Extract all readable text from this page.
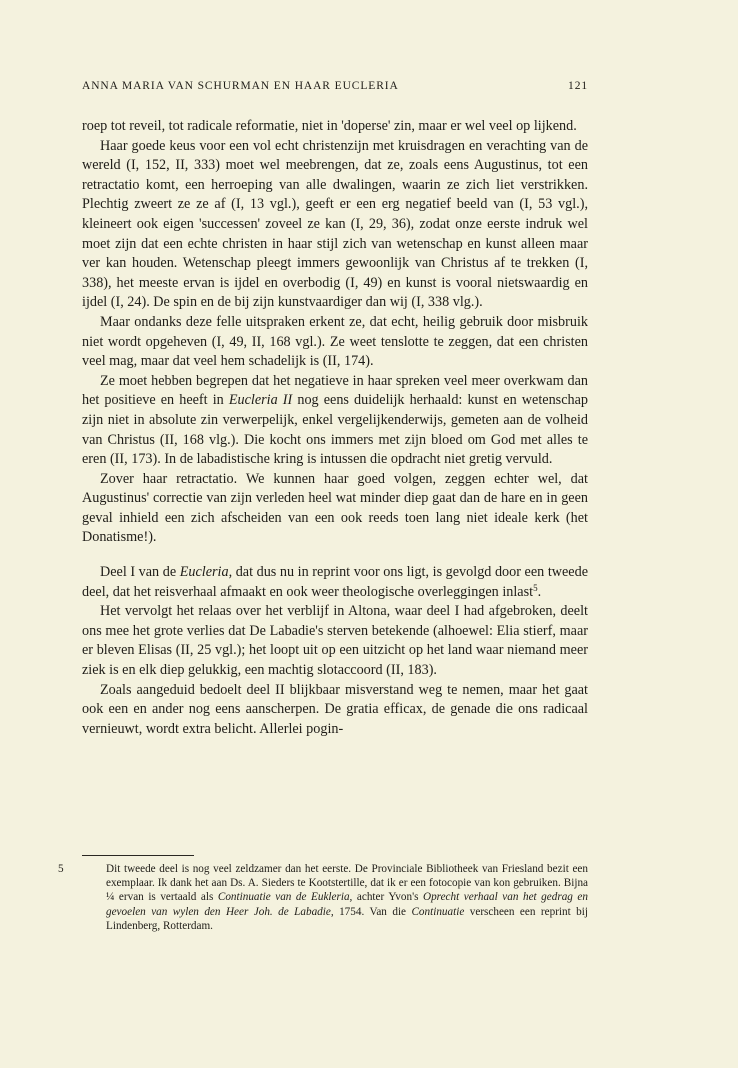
ANNA MARIA VAN SCHURMAN EN HAAR EUCLERIA	121

roep tot reveil, tot radicale reformatie, niet in 'doperse' zin, maar er wel veel op lijkend.

Haar goede keus voor een vol echt christenzijn met kruisdragen en verachting van de wereld (I, 152, II, 333) moet wel meebrengen, dat ze, zoals eens Augustinus, tot een retractatio komt, een herroeping van alle dwalingen, waarin ze zich liet verstrikken. Plechtig zweert ze ze af (I, 13 vgl.), geeft er een erg negatief beeld van (I, 53 vgl.), kleineert ook eigen 'successen' zoveel ze kan (I, 29, 36), zodat onze eerste indruk wel moet zijn dat een echte christen in haar stijl zich van wetenschap en kunst alleen maar ver kan houden. Wetenschap pleegt immers gewoonlijk van Christus af te trekken (I, 338), het meeste ervan is ijdel en overbodig (I, 49) en kunst is vooral nietswaardig en ijdel (I, 24). De spin en de bij zijn kunstvaardiger dan wij (I, 338 vlg.).

Maar ondanks deze felle uitspraken erkent ze, dat echt, heilig gebruik door misbruik niet wordt opgeheven (I, 49, II, 168 vgl.). Ze weet tenslotte te zeggen, dat een christen veel mag, maar dat veel hem schadelijk is (II, 174).

Ze moet hebben begrepen dat het negatieve in haar spreken veel meer overkwam dan het positieve en heeft in Eucleria II nog eens duidelijk herhaald: kunst en wetenschap zijn niet in absolute zin verwerpelijk, enkel vergelijkenderwijs, gemeten aan de volheid van Christus (II, 168 vlg.). Die kocht ons immers met zijn bloed om God met alles te eren (II, 173). In de labadistische kring is intussen die opdracht niet gretig vervuld.

Zover haar retractatio. We kunnen haar goed volgen, zeggen echter wel, dat Augustinus' correctie van zijn verleden heel wat minder diep gaat dan de hare en in geen geval inhield een zich afscheiden van een ook reeds toen lang niet ideale kerk (het Donatisme!).

Deel I van de Eucleria, dat dus nu in reprint voor ons ligt, is gevolgd door een tweede deel, dat het reisverhaal afmaakt en ook weer theologische overleggingen inlast$^5$.

Het vervolgt het relaas over het verblijf in Altona, waar deel I had afgebroken, deelt ons mee het grote verlies dat De Labadie's sterven betekende (alhoewel: Elia stierf, maar er bleven Elisas (II, 25 vgl.); het loopt uit op een uitzicht op het land waar niemand meer ziek is en elk diep gelukkig, een machtig slotaccoord (II, 183).

Zoals aangeduid bedoelt deel II blijkbaar misverstand weg te nemen, maar het gaat ook een en ander nog eens aanscherpen. De gratia efficax, de genade die ons radicaal vernieuwt, wordt extra belicht. Allerlei pogin-

5	Dit tweede deel is nog veel zeldzamer dan het eerste. De Provinciale Bibliotheek van Friesland bezit een exemplaar. Ik dank het aan Ds. A. Sieders te Kootstertille, dat ik er een fotocopie van kon gebruiken. Bijna ¼ ervan is vertaald als Continuatie van de Eukleria, achter Yvon's Oprecht verhaal van het gedrag en gevoelen van wylen den Heer Joh. de Labadie, 1754. Van die Continuatie verscheen een reprint bij Lindenberg, Rotterdam.
